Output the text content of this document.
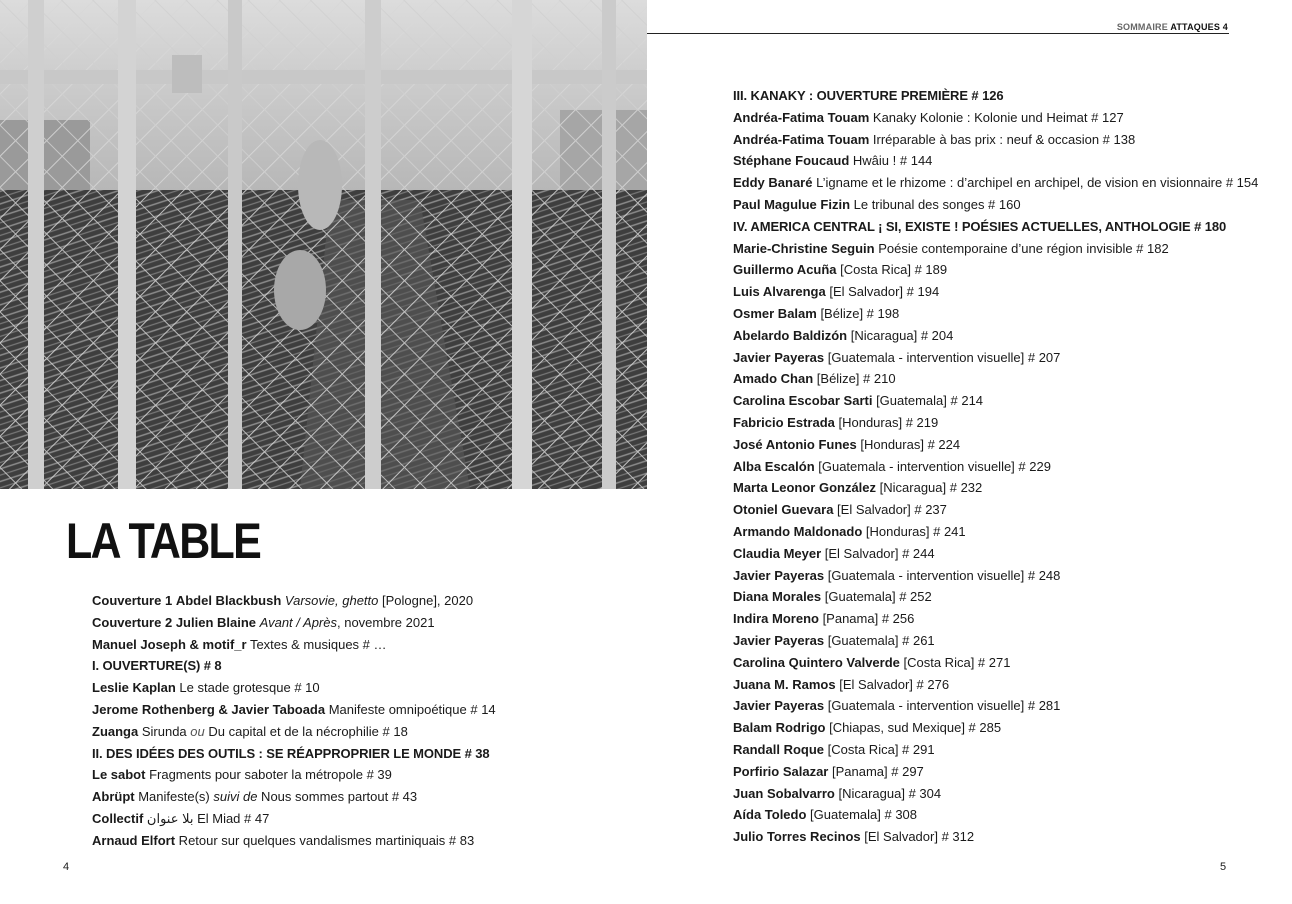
SOMMAIRE ATTAQUES 4
LA TABLE
Couverture 1 Abdel Blackbush Varsovie, ghetto [Pologne], 2020
Couverture 2 Julien Blaine Avant / Après, novembre 2021
Manuel Joseph & motif_r Textes & musiques # …
I. OUVERTURE(S) # 8
Leslie Kaplan Le stade grotesque # 10
Jerome Rothenberg & Javier Taboada Manifeste omnipoétique # 14
Zuanga Sirunda ou Du capital et de la nécrophilie # 18
II. DES IDÉES DES OUTILS : SE RÉAPPROPRIER LE MONDE # 38
Le sabot Fragments pour saboter la métropole # 39
Abrüpt Manifeste(s) suivi de Nous sommes partout # 43
Collectif بلا عنوان El Miad # 47
Arnaud Elfort Retour sur quelques vandalismes martiniquais # 83
III. KANAKY : OUVERTURE PREMIÈRE # 126
Andréa-Fatima Touam Kanaky Kolonie : Kolonie und Heimat # 127
Andréa-Fatima Touam Irréparable à bas prix : neuf & occasion # 138
Stéphane Foucaud Hwâiu ! # 144
Eddy Banaré L’igname et le rhizome : d’archipel en archipel, de vision en visionnaire # 154
Paul Magulue Fizin Le tribunal des songes # 160
IV. AMERICA CENTRAL ¡ SI, EXISTE ! POÉSIES ACTUELLES, ANTHOLOGIE # 180
Marie-Christine Seguin Poésie contemporaine d’une région invisible # 182
Guillermo Acuña [Costa Rica] # 189
Luis Alvarenga [El Salvador] # 194
Osmer Balam [Bélize] # 198
Abelardo Baldizón [Nicaragua] # 204
Javier Payeras [Guatemala - intervention visuelle] # 207
Amado Chan [Bélize] # 210
Carolina Escobar Sarti [Guatemala] # 214
Fabricio Estrada [Honduras] # 219
José Antonio Funes [Honduras] # 224
Alba Escalón [Guatemala - intervention visuelle] # 229
Marta Leonor González [Nicaragua] # 232
Otoniel Guevara [El Salvador] # 237
Armando Maldonado [Honduras] # 241
Claudia Meyer [El Salvador] # 244
Javier Payeras [Guatemala - intervention visuelle] # 248
Diana Morales [Guatemala] # 252
Indira Moreno [Panama] # 256
Javier Payeras [Guatemala] # 261
Carolina Quintero Valverde [Costa Rica] # 271
Juana M. Ramos [El Salvador] # 276
Javier Payeras [Guatemala - intervention visuelle] # 281
Balam Rodrigo [Chiapas, sud Mexique] # 285
Randall Roque [Costa Rica] # 291
Porfirio Salazar [Panama] # 297
Juan Sobalvarro [Nicaragua] # 304
Aída Toledo [Guatemala] # 308
Julio Torres Recinos [El Salvador] # 312
4	5
